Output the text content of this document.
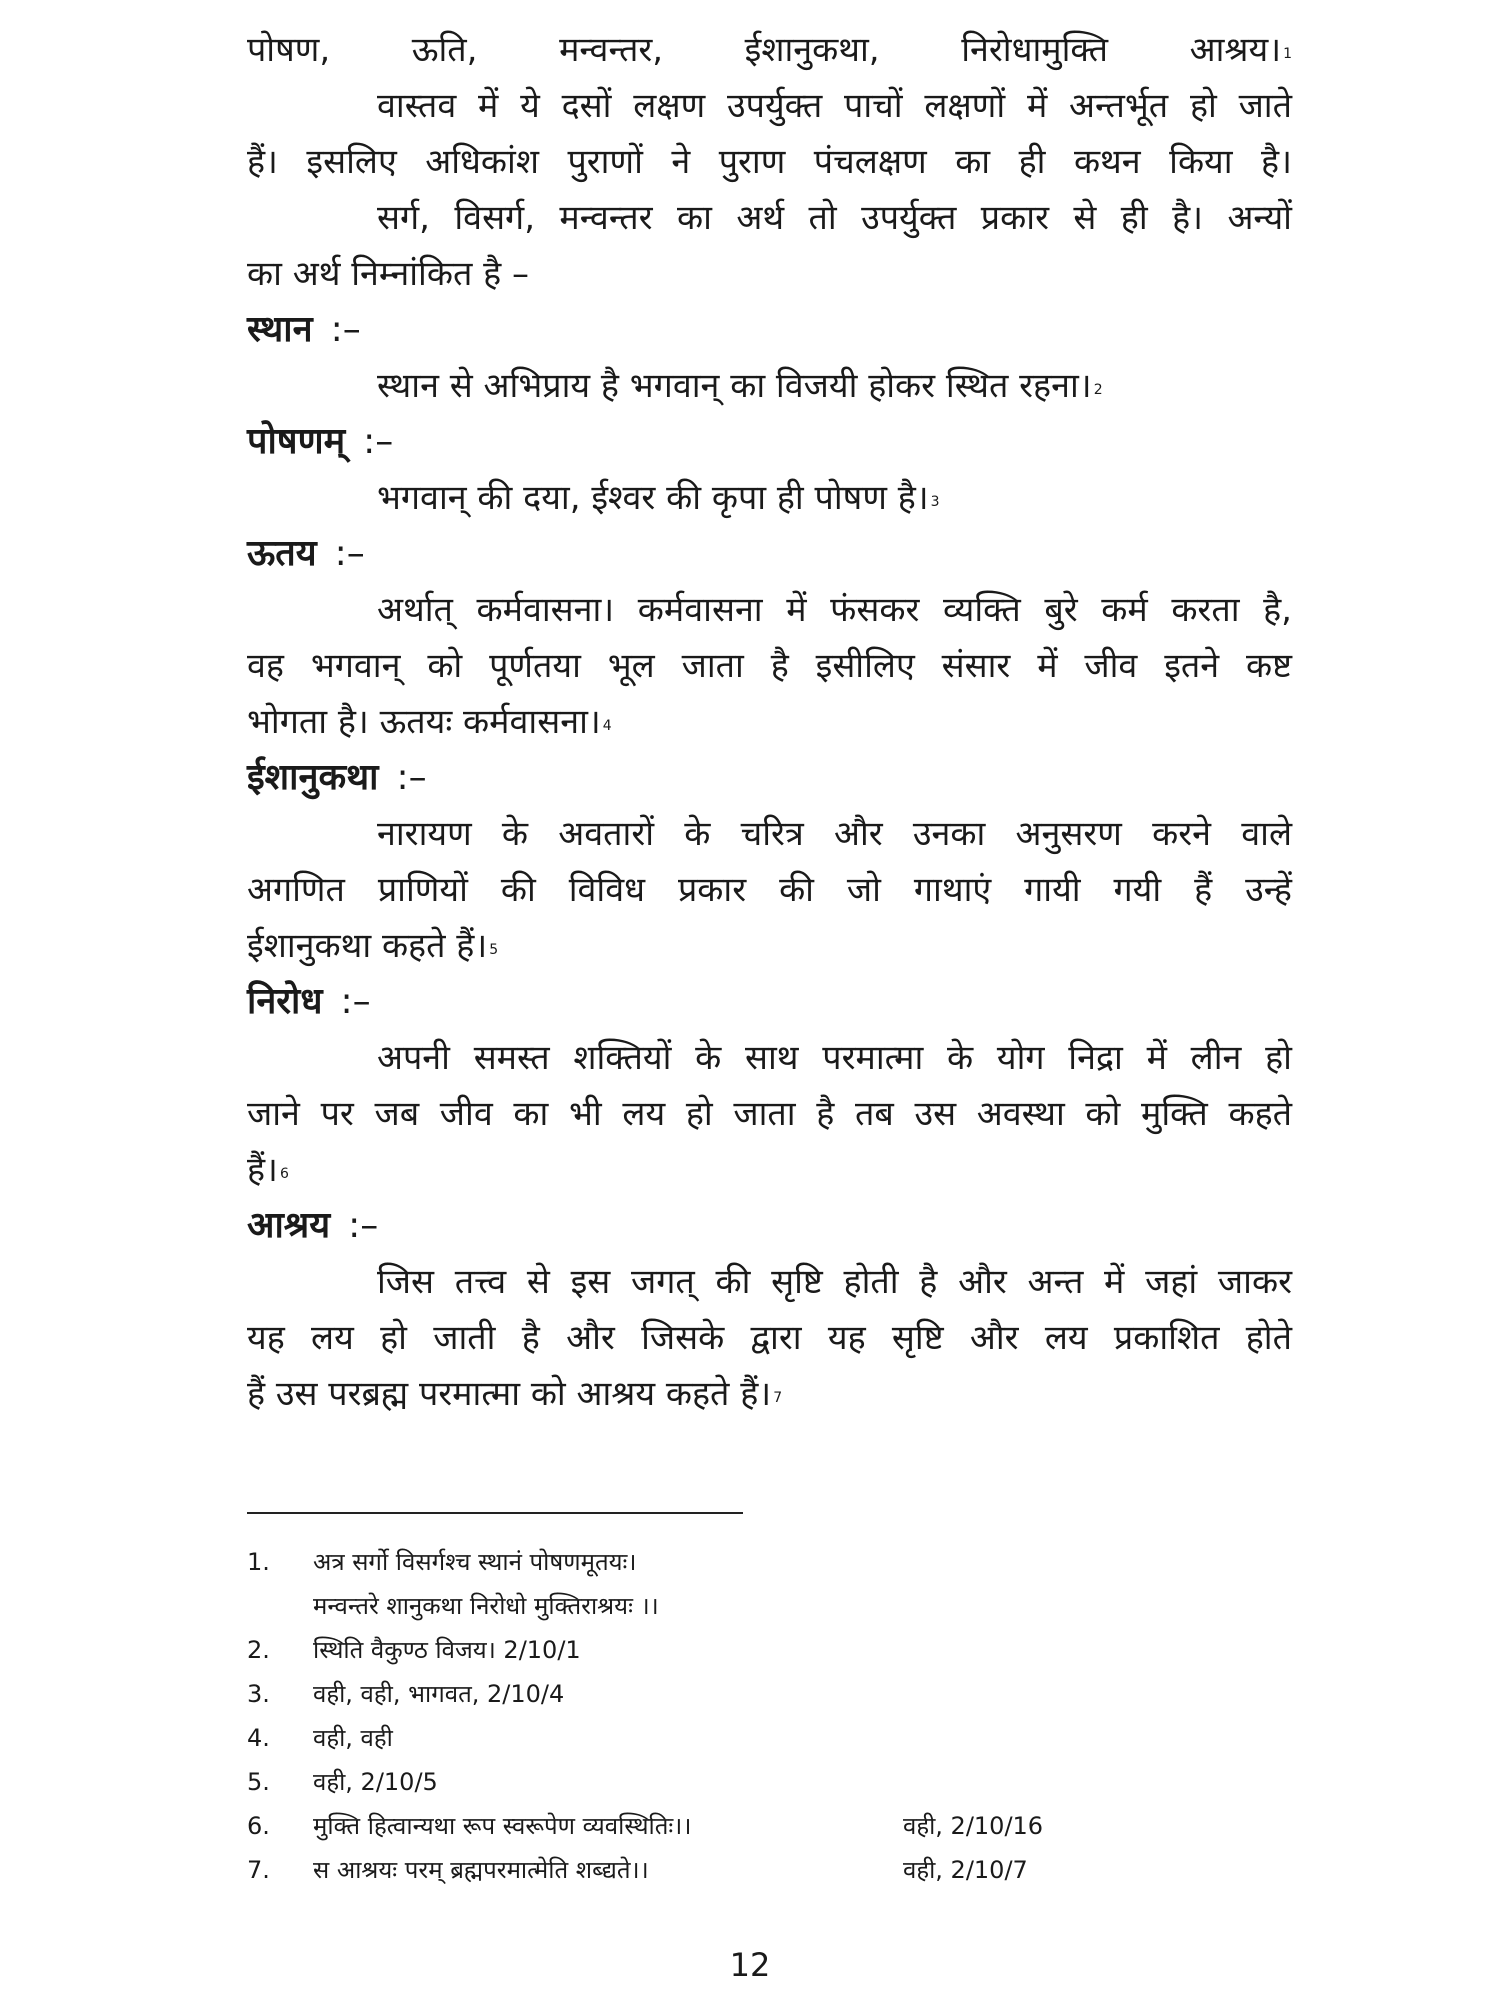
पोषण, ऊति, मन्वन्तर, ईशानुकथा, निरोधामुक्ति आश्रय। $^1$

वास्तव में ये दसों लक्षण उपर्युक्त पाचों लक्षणों में अन्तर्भूत हो जाते

हैं। इसलिए अधिकांश पुराणों ने पुराण पंचलक्षण का ही कथन किया है।

सर्ग, विसर्ग, मन्वन्तर का अर्थ तो उपर्युक्त प्रकार से ही है। अन्यों

का अर्थ निम्नांकित है –

स्थान :–

स्थान से अभिप्राय है भगवान् का विजयी होकर स्थित रहना। $^2$

पोषणम् :–

भगवान् की दया, ईश्वर की कृपा ही पोषण है। $^3$

ऊतय :–

अर्थात् कर्मवासना। कर्मवासना में फंसकर व्यक्ति बुरे कर्म करता है,

वह भगवान् को पूर्णतया भूल जाता है इसीलिए संसार में जीव इतने कष्ट

भोगता है। ऊतयः कर्मवासना। $^4$

ईशानुकथा :–

नारायण के अवतारों के चरित्र और उनका अनुसरण करने वाले

अगणित प्राणियों की विविध प्रकार की जो गाथाएं गायी गयी हैं उन्हें

ईशानुकथा कहते हैं। $^5$

निरोध :–

अपनी समस्त शक्तियों के साथ परमात्मा के योग निद्रा में लीन हो

जाने पर जब जीव का भी लय हो जाता है तब उस अवस्था को मुक्ति कहते

हैं। $^6$

आश्रय :–

जिस तत्त्व से इस जगत् की सृष्टि होती है और अन्त में जहां जाकर

यह लय हो जाती है और जिसके द्वारा यह सृष्टि और लय प्रकाशित होते

हैं उस परब्रह्म परमात्मा को आश्रय कहते हैं। $^7$

1.	अत्र सर्गो विसर्गश्च स्थानं पोषणमूतयः।
मन्वन्तरे शानुकथा निरोधो मुक्तिराश्रयः ।।
2.	स्थिति वैकुण्ठ विजय। 2/10/1
3.	वही, वही, भागवत, 2/10/4
4.	वही, वही
5.	वही, 2/10/5
6.	मुक्ति हित्वान्यथा रूप स्वरूपेण व्यवस्थितिः।।	वही, 2/10/16
7.	स आश्रयः परम् ब्रह्मपरमात्मेति शब्द्यते।।	वही, 2/10/7
12
